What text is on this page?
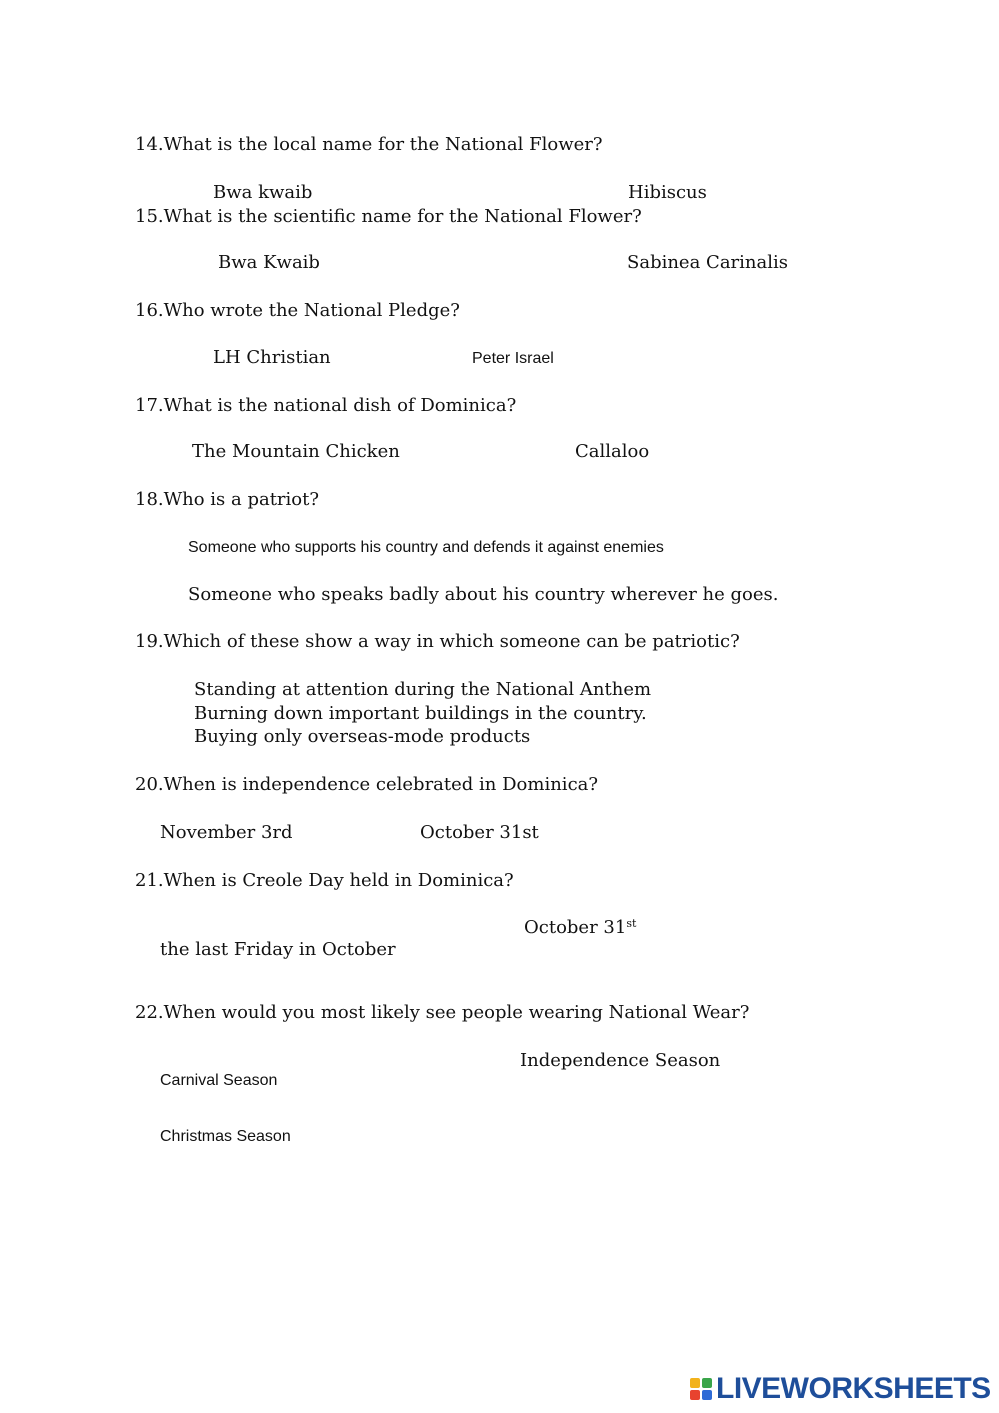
14.What is the local name for the National Flower?
Bwa kwaib	Hibiscus
15.What is the scientific name for the National Flower?
Bwa Kwaib	Sabinea Carinalis
16.Who wrote the National Pledge?
LH Christian	Peter Israel
17.What is the national dish of Dominica?
The Mountain Chicken	Callaloo
18.Who is a patriot?
Someone who supports his country and defends it against enemies
Someone who speaks badly about his country wherever he goes.
19.Which of these show a way in which someone can be patriotic?
Standing at attention during the National Anthem
Burning down important buildings in the country.
Buying only overseas-mode products
20.When is independence celebrated in Dominica?
November 3rd	October 31st
21.When is Creole Day held in Dominica?
October 31st
the last Friday in October
22.When would you most likely see people wearing National Wear?
Independence Season
Carnival Season
Christmas Season
LIVEWORKSHEETS
